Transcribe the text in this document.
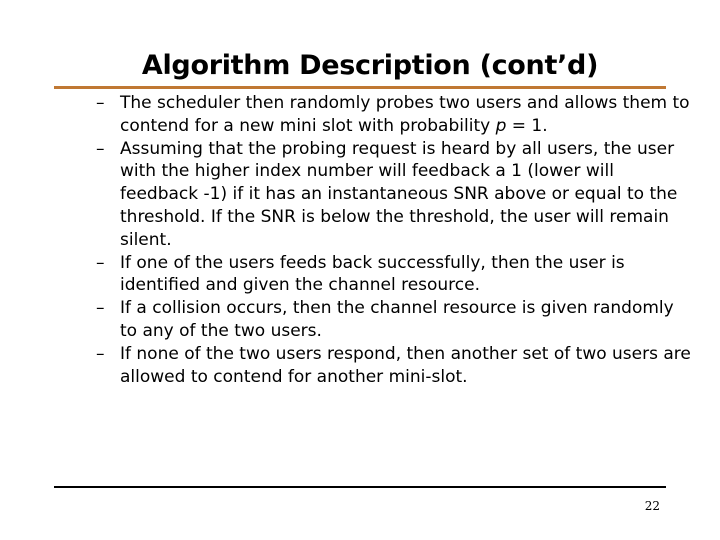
Algorithm Description (cont’d)
– The scheduler then randomly probes two users and allows them to contend for a new mini slot with probability p = 1.
– Assuming that the probing request is heard by all users, the user with the higher index number will feedback a 1 (lower will feedback -1) if it has an instantaneous SNR above or equal to the threshold. If the SNR is below the threshold, the user will remain silent.
– If one of the users feeds back successfully, then the user is identified and given the channel resource.
– If a collision occurs, then the channel resource is given randomly to any of the two users.
– If none of the two users respond, then another set of two users are allowed to contend for another mini-slot.
22
